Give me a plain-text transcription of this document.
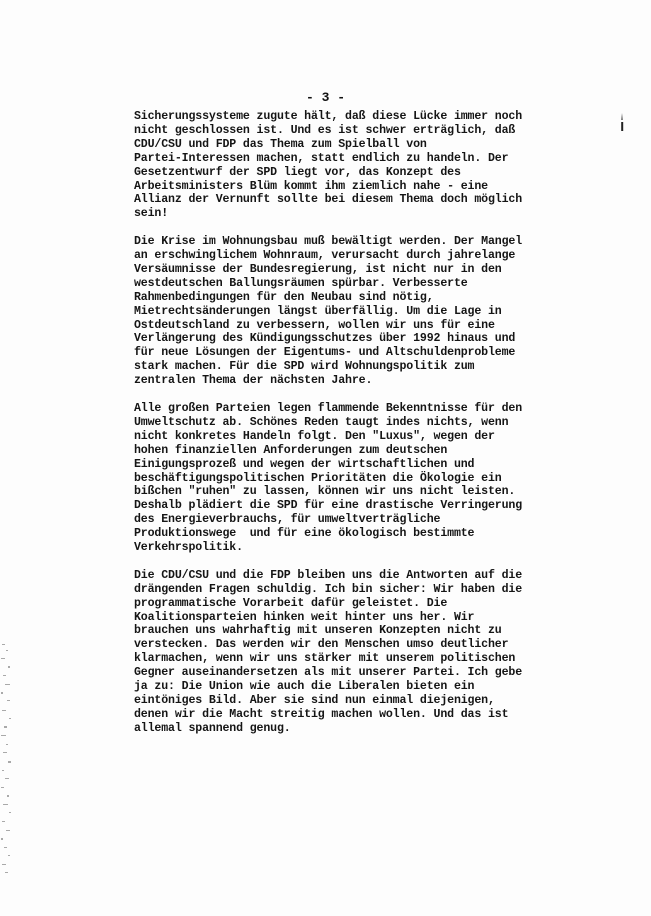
- 3 -

Sicherungssysteme zugute hält, daß diese Lücke immer noch
nicht geschlossen ist. Und es ist schwer erträglich, daß
CDU/CSU und FDP das Thema zum Spielball von
Partei-Interessen machen, statt endlich zu handeln. Der
Gesetzentwurf der SPD liegt vor, das Konzept des
Arbeitsministers Blüm kommt ihm ziemlich nahe - eine
Allianz der Vernunft sollte bei diesem Thema doch möglich
sein!

Die Krise im Wohnungsbau muß bewältigt werden. Der Mangel
an erschwinglichem Wohnraum, verursacht durch jahrelange
Versäumnisse der Bundesregierung, ist nicht nur in den
westdeutschen Ballungsräumen spürbar. Verbesserte
Rahmenbedingungen für den Neubau sind nötig,
Mietrechtsänderungen längst überfällig. Um die Lage in
Ostdeutschland zu verbessern, wollen wir uns für eine
Verlängerung des Kündigungsschutzes über 1992 hinaus und
für neue Lösungen der Eigentums- und Altschuldenprobleme
stark machen. Für die SPD wird Wohnungspolitik zum
zentralen Thema der nächsten Jahre.

Alle großen Parteien legen flammende Bekenntnisse für den
Umweltschutz ab. Schönes Reden taugt indes nichts, wenn
nicht konkretes Handeln folgt. Den "Luxus", wegen der
hohen finanziellen Anforderungen zum deutschen
Einigungsprozeß und wegen der wirtschaftlichen und
beschäftigungspolitischen Prioritäten die Ökologie ein
bißchen "ruhen" zu lassen, können wir uns nicht leisten.
Deshalb plädiert die SPD für eine drastische Verringerung
des Energieverbrauchs, für umweltverträgliche
Produktionswege  und für eine ökologisch bestimmte
Verkehrspolitik.

Die CDU/CSU und die FDP bleiben uns die Antworten auf die
drängenden Fragen schuldig. Ich bin sicher: Wir haben die
programmatische Vorarbeit dafür geleistet. Die
Koalitionsparteien hinken weit hinter uns her. Wir
brauchen uns wahrhaftig mit unseren Konzepten nicht zu
verstecken. Das werden wir den Menschen umso deutlicher
klarmachen, wenn wir uns stärker mit unserem politischen
Gegner auseinandersetzen als mit unserer Partei. Ich gebe
ja zu: Die Union wie auch die Liberalen bieten ein
eintöniges Bild. Aber sie sind nun einmal diejenigen,
denen wir die Macht streitig machen wollen. Und das ist
allemal spannend genug.
